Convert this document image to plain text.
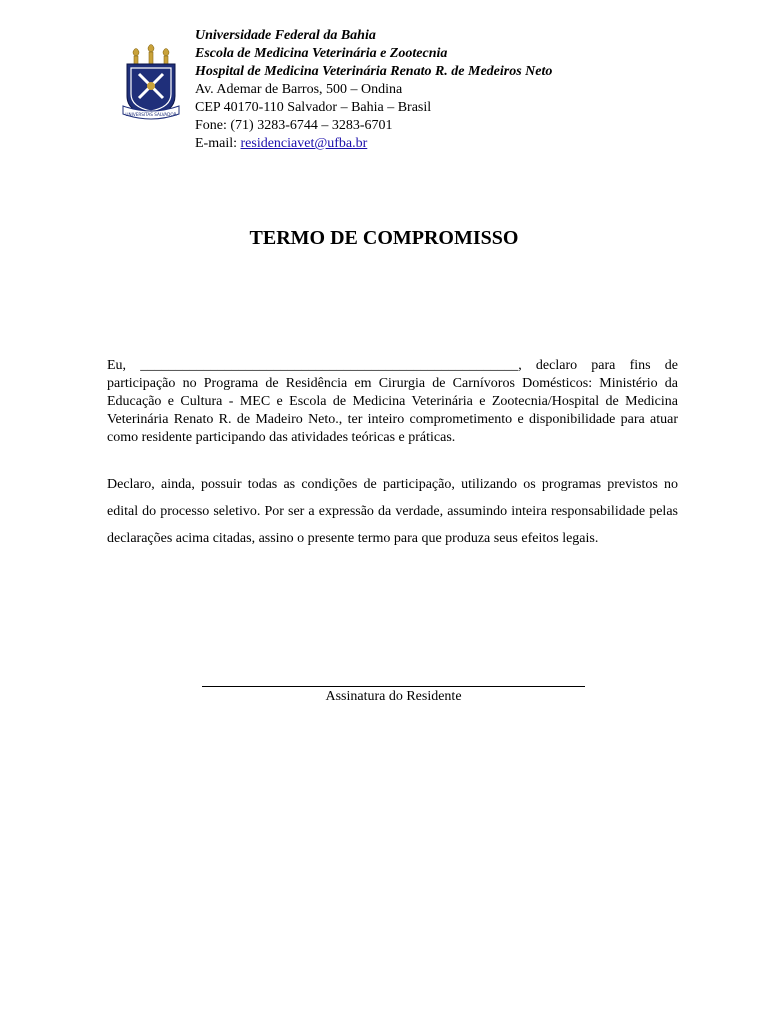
UNIVERSITAS SALVADOR
Universidade Federal da Bahia
Escola de Medicina Veterinária e Zootecnia
Hospital de Medicina Veterinária Renato R. de Medeiros Neto
Av. Ademar de Barros, 500 – Ondina
CEP 40170-110 Salvador – Bahia – Brasil
Fone: (71) 3283-6744 – 3283-6701
E-mail: residenciavet@ufba.br
TERMO DE COMPROMISSO

Eu, ______________________________________________________, declaro para fins de participação no Programa de Residência em Cirurgia de Carnívoros Domésticos: Ministério da Educação e Cultura - MEC e Escola de Medicina Veterinária e Zootecnia/Hospital de Medicina Veterinária Renato R. de Madeiro Neto., ter inteiro comprometimento e disponibilidade para atuar como residente participando das atividades teóricas e práticas.

Declaro, ainda, possuir todas as condições de participação, utilizando os programas previstos no edital do processo seletivo. Por ser a expressão da verdade, assumindo inteira responsabilidade pelas declarações acima citadas, assino o presente termo para que produza seus efeitos legais.

Assinatura do Residente
